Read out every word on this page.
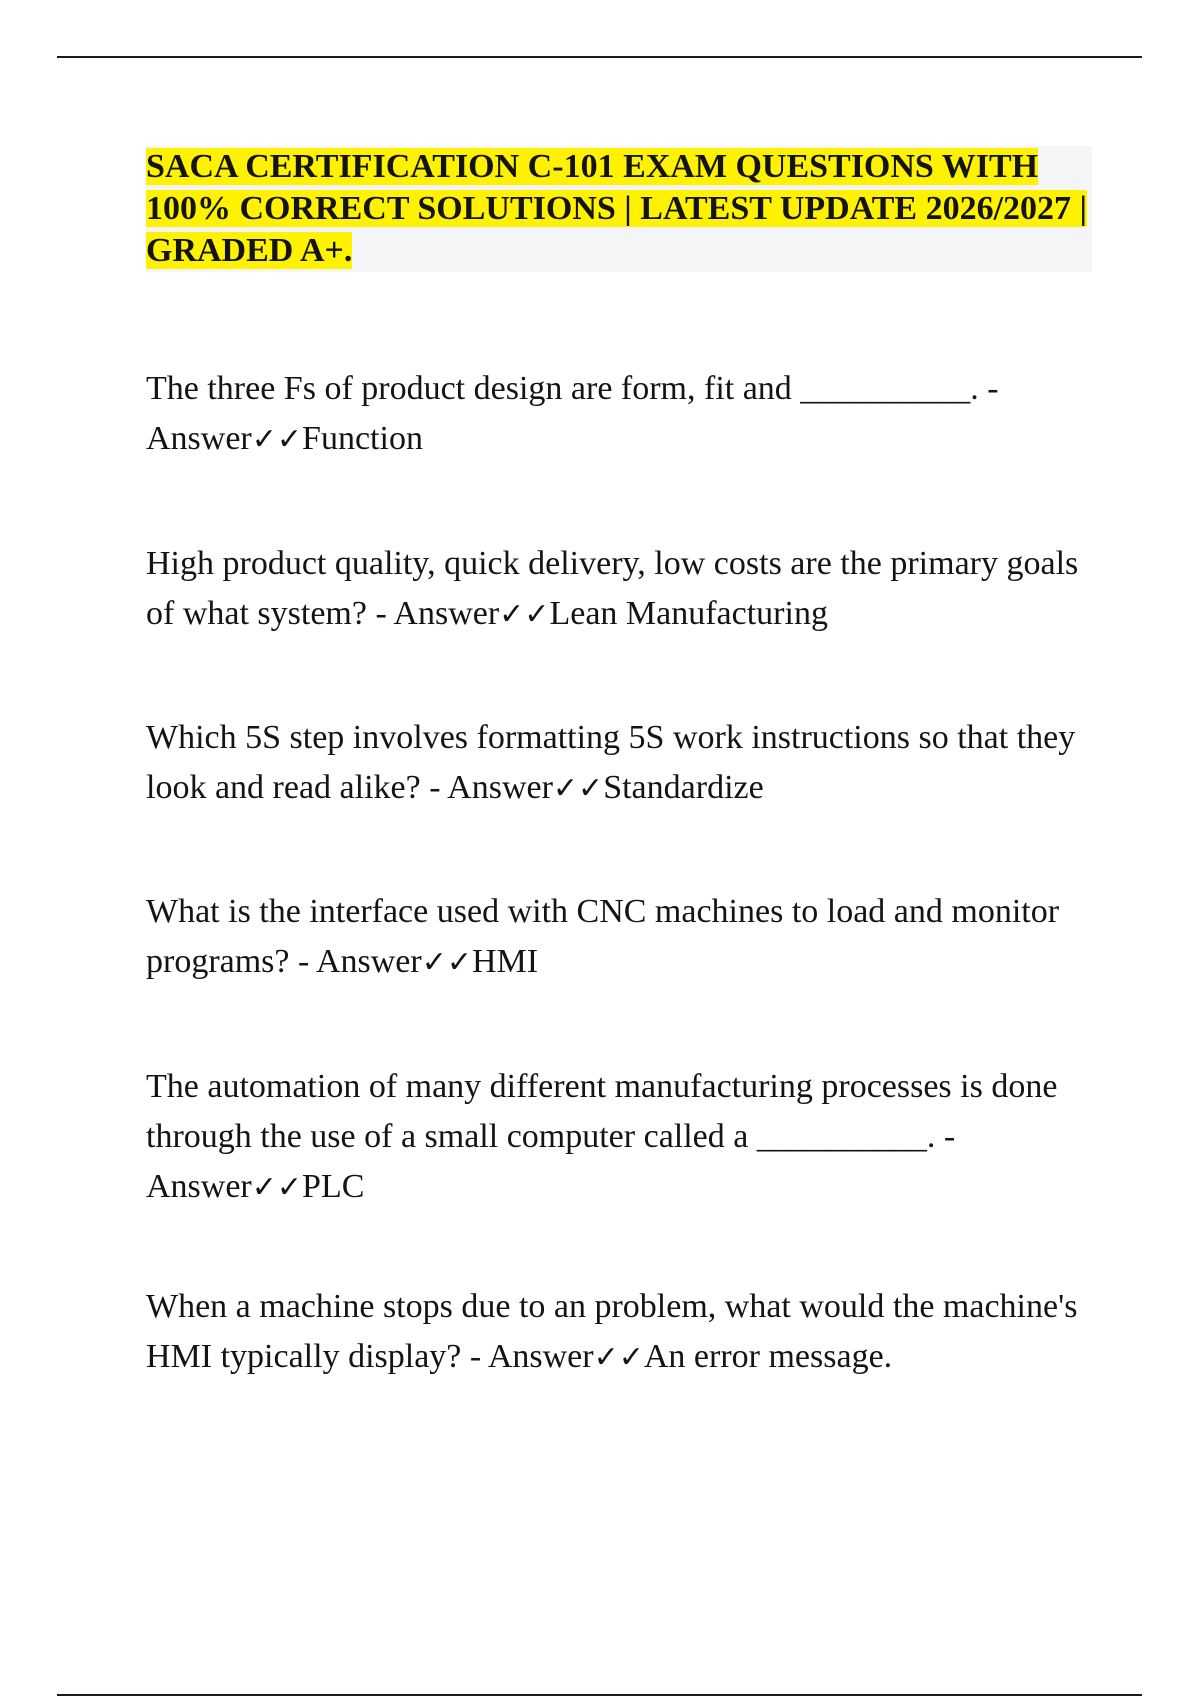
SACA CERTIFICATION C-101 EXAM QUESTIONS WITH 100% CORRECT SOLUTIONS | LATEST UPDATE 2026/2027 | GRADED A+.

The three Fs of product design are form, fit and __________. - Answer✓✓Function

High product quality, quick delivery, low costs are the primary goals of what system? - Answer✓✓Lean Manufacturing

Which 5S step involves formatting 5S work instructions so that they look and read alike? - Answer✓✓Standardize

What is the interface used with CNC machines to load and monitor programs? - Answer✓✓HMI

The automation of many different manufacturing processes is done through the use of a small computer called a __________. - Answer✓✓PLC

When a machine stops due to an problem, what would the machine's HMI typically display? - Answer✓✓An error message.
